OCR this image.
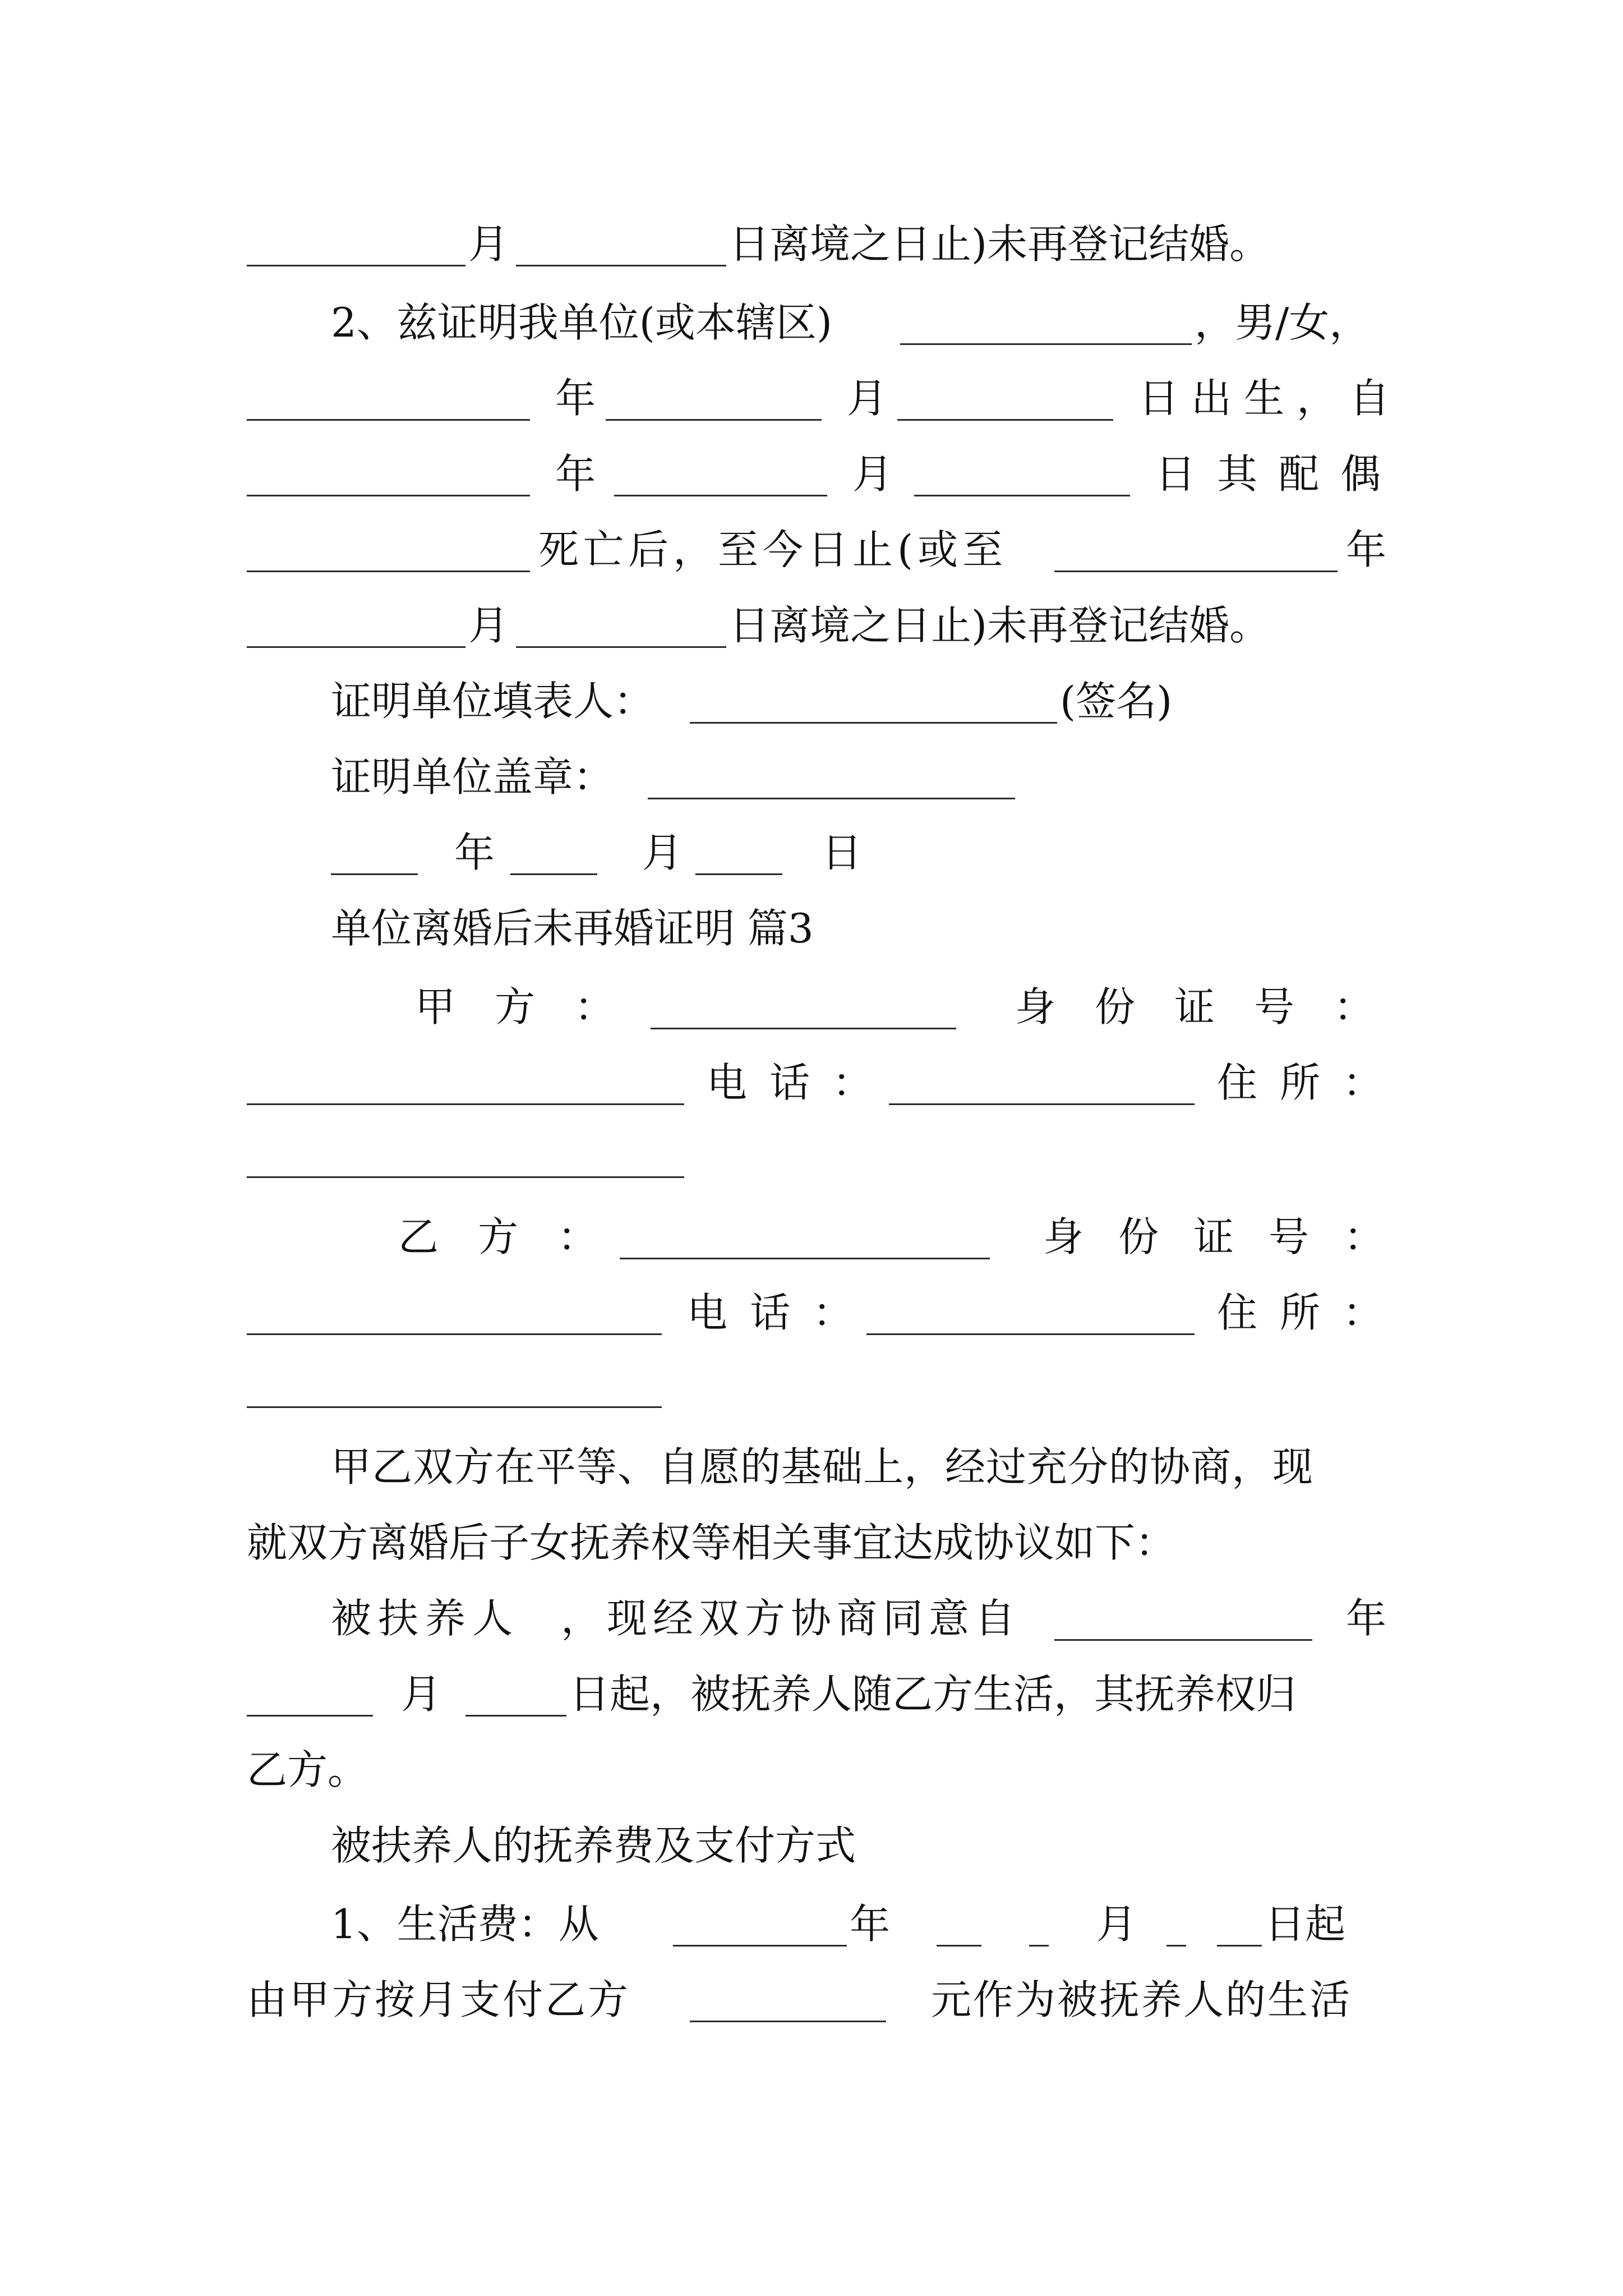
月	日离境之日止)未再登记结婚。
2、兹证明我单位(或本辖区)	，男/女，
年	月	日出生，自
年	月	日其配偶
死亡后，至今日止(或至	年
月	日离境之日止)未再登记结婚。
证明单位填表人：	(签名)
证明单位盖章：
年	月	日
单位离婚后未再婚证明 篇3
甲方：	身份证号：
电话：	住所：
乙方：	身份证号：
电话：	住所：
甲乙双方在平等、自愿的基础上，经过充分的协商，现
就双方离婚后子女抚养权等相关事宜达成协议如下：
被扶养人 ，现经双方协商同意自	年
月	日起，被抚养人随乙方生活，其抚养权归
乙方。
被扶养人的抚养费及支付方式
1、生活费：从	年	月	日起
由甲方按月支付乙方	元作为被抚养人的生活
